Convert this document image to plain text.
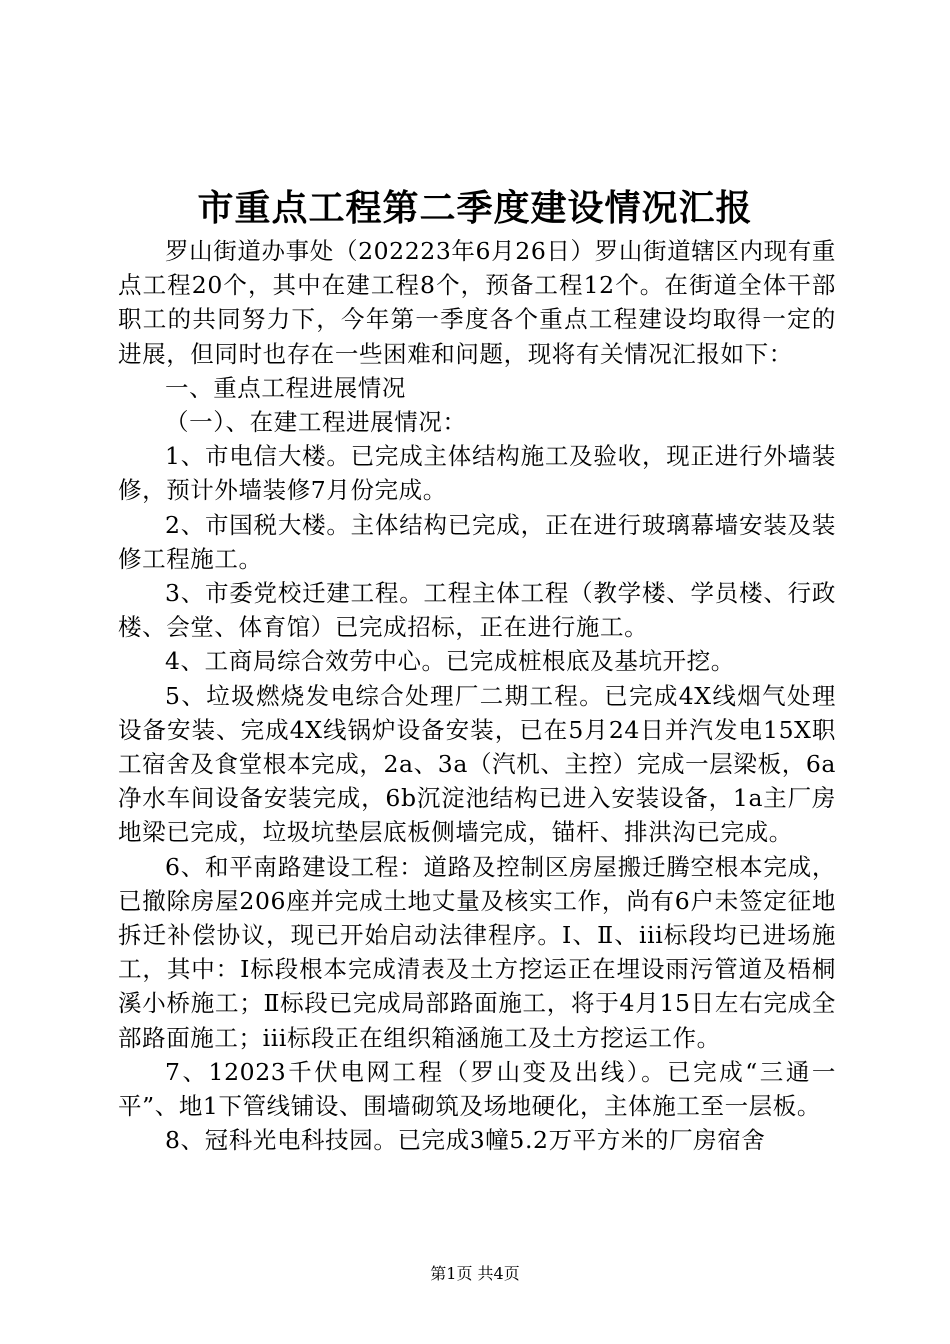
市重点工程第二季度建设情况汇报

罗山街道办事处（202223年6月26日）罗山街道辖区内现有重点工程20个，其中在建工程8个，预备工程12个。在街道全体干部职工的共同努力下，今年第一季度各个重点工程建设均取得一定的进展，但同时也存在一些困难和问题，现将有关情况汇报如下：

一、重点工程进展情况

（一）、在建工程进展情况：

1、市电信大楼。已完成主体结构施工及验收，现正进行外墙装修，预计外墙装修7月份完成。

2、市国税大楼。主体结构已完成，正在进行玻璃幕墙安装及装修工程施工。

3、市委党校迁建工程。工程主体工程（教学楼、学员楼、行政楼、会堂、体育馆）已完成招标，正在进行施工。

4、工商局综合效劳中心。已完成桩根底及基坑开挖。

5、垃圾燃烧发电综合处理厂二期工程。已完成4X线烟气处理设备安装、完成4X线锅炉设备安装，已在5月24日并汽发电15X职工宿舍及食堂根本完成，2a、3a（汽机、主控）完成一层梁板，6a净水车间设备安装完成，6b沉淀池结构已进入安装设备，1a主厂房地梁已完成，垃圾坑垫层底板侧墙完成，锚杆、排洪沟已完成。

6、和平南路建设工程：道路及控制区房屋搬迁腾空根本完成，已撤除房屋206座并完成土地丈量及核实工作，尚有6户未签定征地拆迁补偿协议，现已开始启动法律程序。Ⅰ、Ⅱ、iii标段均已进场施工，其中：Ⅰ标段根本完成清表及土方挖运正在埋设雨污管道及梧桐溪小桥施工；Ⅱ标段已完成局部路面施工，将于4月15日左右完成全部路面施工；iii标段正在组织箱涵施工及土方挖运工作。

7、12023千伏电网工程（罗山变及出线）。已完成“三通一平”、地1下管线铺设、围墙砌筑及场地硬化，主体施工至一层板。

8、冠科光电科技园。已完成3幢5.2万平方米的厂房宿舍

第1页 共4页
